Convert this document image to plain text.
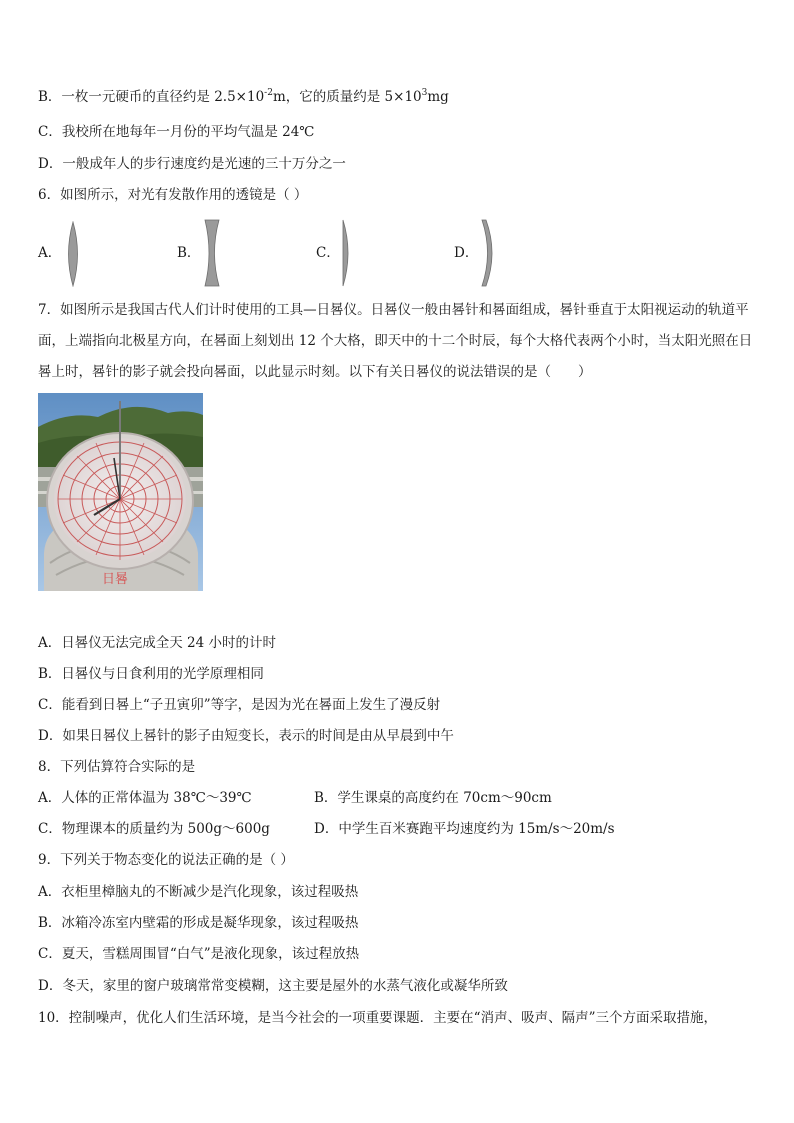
B．一枚一元硬币的直径约是 $2.5\times 10^{-2}m$，它的质量约是 $5\times 10^3mg$
C．我校所在地每年一月份的平均气温是 24℃
D．一般成年人的步行速度约是光速的三十万分之一
6．如图所示，对光有发散作用的透镜是（ ）
A．	B．	C．	D．
7．如图所示是我国古代人们计时使用的工具—日晷仪。日晷仪一般由晷针和晷面组成，晷针垂直于太阳视运动的轨道平面，上端指向北极星方向，在晷面上刻划出 12 个大格，即天中的十二个时辰，每个大格代表两个小时，当太阳光照在日晷上时，晷针的影子就会投向晷面，以此显示时刻。以下有关日晷仪的说法错误的是（　　）
日晷
A．日晷仪无法完成全天 24 小时的计时
B．日晷仪与日食利用的光学原理相同
C．能看到日晷上“子丑寅卯”等字，是因为光在晷面上发生了漫反射
D．如果日晷仪上晷针的影子由短变长，表示的时间是由从早晨到中午
8．下列估算符合实际的是
A．人体的正常体温为 38℃～39℃	B．学生课桌的高度约在 70cm～90cm
C．物理课本的质量约为 500g～600g	D．中学生百米赛跑平均速度约为 15m/s～20m/s
9．下列关于物态变化的说法正确的是（ ）
A．衣柜里樟脑丸的不断减少是汽化现象，该过程吸热
B．冰箱冷冻室内壁霜的形成是凝华现象，该过程吸热
C．夏天，雪糕周围冒“白气”是液化现象，该过程放热
D．冬天，家里的窗户玻璃常常变模糊，这主要是屋外的水蒸气液化或凝华所致
10．控制噪声，优化人们生活环境，是当今社会的一项重要课题．主要在“消声、吸声、隔声”三个方面采取措施，
